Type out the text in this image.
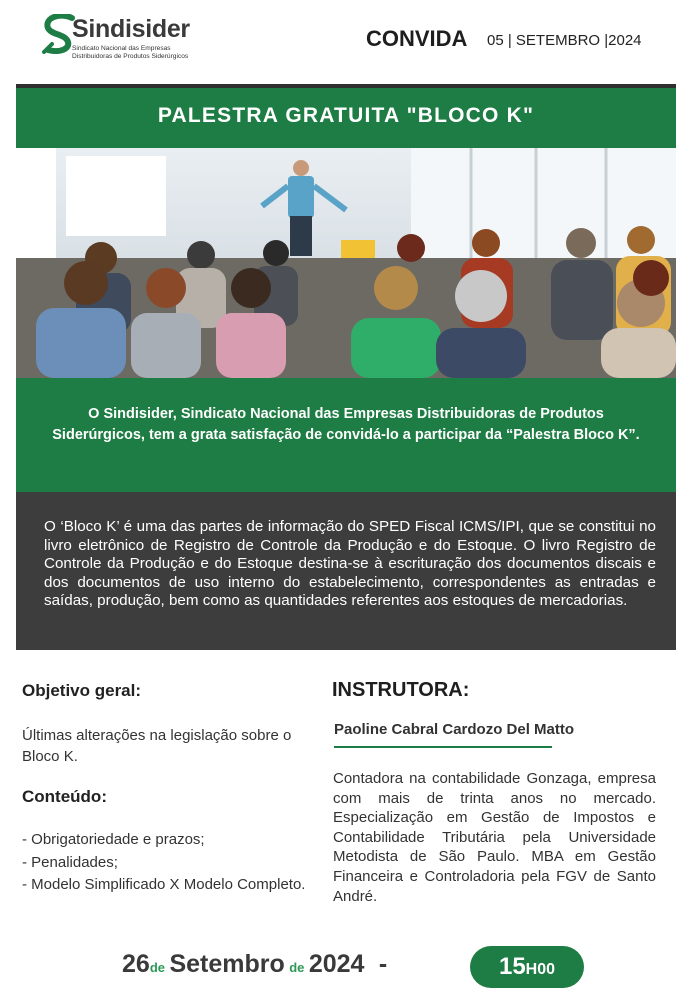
Sindisider
Sindicato Nacional das Empresas
Distribuidoras de Produtos Siderúrgicos
CONVIDA 05 | SETEMBRO |2024
PALESTRA GRATUITA "BLOCO K"
O Sindisider, Sindicato Nacional das Empresas Distribuidoras de Produtos Siderúrgicos, tem a grata satisfação de convidá-lo a participar da “Palestra Bloco K”.
O ‘Bloco K’ é uma das partes de informação do SPED Fiscal ICMS/IPI, que se constitui no livro eletrônico de Registro de Controle da Produção e do Estoque. O livro Registro de Controle da Produção e do Estoque destina-se à escrituração dos documentos discais e dos documentos de uso interno do estabelecimento, correspondentes as entradas e saídas, produção, bem como as quantidades referentes aos estoques de mercadorias.
Objetivo geral:
Últimas alterações na legislação sobre o Bloco K.
Conteúdo:
- Obrigatoriedade e prazos;
- Penalidades;
- Modelo Simplificado X Modelo Completo.
INSTRUTORA:
Paoline Cabral Cardozo Del Matto
Contadora na contabilidade Gonzaga, empresa com mais de trinta anos no mercado. Especialização em Gestão de Impostos e Contabilidade Tributária pela Universidade Metodista de São Paulo. MBA em Gestão Financeira e Controladoria pela FGV de Santo André.
26de Setembro de 2024 -	15H00
